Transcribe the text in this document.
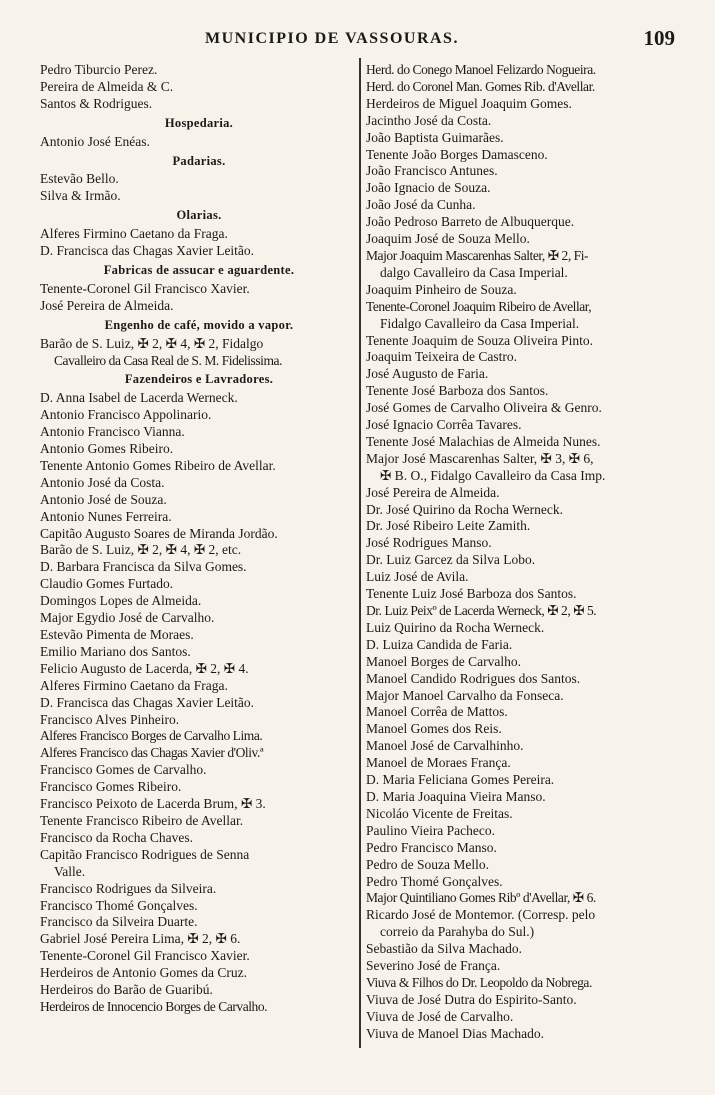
MUNICIPIO DE VASSOURAS.	109
Pedro Tiburcio Perez.
Pereira de Almeida & C.
Santos & Rodrigues.
Hospedaria.
Antonio José Enéas.
Padarias.
Estevão Bello.
Silva & Irmão.
Olarias.
Alferes Firmino Caetano da Fraga.
D. Francisca das Chagas Xavier Leitão.
Fabricas de assucar e aguardente.
Tenente-Coronel Gil Francisco Xavier.
José Pereira de Almeida.
Engenho de café, movido a vapor.
Barão de S. Luiz, ✠ 2, ✠ 4, ✠ 2, Fidalgo
Cavalleiro da Casa Real de S. M. Fidelissima.
Fazendeiros e Lavradores.
D. Anna Isabel de Lacerda Werneck.
Antonio Francisco Appolinario.
Antonio Francisco Vianna.
Antonio Gomes Ribeiro.
Tenente Antonio Gomes Ribeiro de Avellar.
Antonio José da Costa.
Antonio José de Souza.
Antonio Nunes Ferreira.
Capitão Augusto Soares de Miranda Jordão.
Barão de S. Luiz, ✠ 2, ✠ 4, ✠ 2, etc.
D. Barbara Francisca da Silva Gomes.
Claudio Gomes Furtado.
Domingos Lopes de Almeida.
Major Egydio José de Carvalho.
Estevão Pimenta de Moraes.
Emilio Mariano dos Santos.
Felicio Augusto de Lacerda, ✠ 2, ✠ 4.
Alferes Firmino Caetano da Fraga.
D. Francisca das Chagas Xavier Leitão.
Francisco Alves Pinheiro.
Alferes Francisco Borges de Carvalho Lima.
Alferes Francisco das Chagas Xavier d'Oliv.ª
Francisco Gomes de Carvalho.
Francisco Gomes Ribeiro.
Francisco Peixoto de Lacerda Brum, ✠ 3.
Tenente Francisco Ribeiro de Avellar.
Francisco da Rocha Chaves.
Capitão Francisco Rodrigues de Senna
Valle.
Francisco Rodrigues da Silveira.
Francisco Thomé Gonçalves.
Francisco da Silveira Duarte.
Gabriel José Pereira Lima, ✠ 2, ✠ 6.
Tenente-Coronel Gil Francisco Xavier.
Herdeiros de Antonio Gomes da Cruz.
Herdeiros do Barão de Guaribú.
Herdeiros de Innocencio Borges de Carvalho.
Herd. do Conego Manoel Felizardo Nogueira.
Herd. do Coronel Man. Gomes Rib. d'Avellar.
Herdeiros de Miguel Joaquim Gomes.
Jacintho José da Costa.
João Baptista Guimarães.
Tenente João Borges Damasceno.
João Francisco Antunes.
João Ignacio de Souza.
João José da Cunha.
João Pedroso Barreto de Albuquerque.
Joaquim José de Souza Mello.
Major Joaquim Mascarenhas Salter, ✠ 2, Fi-
dalgo Cavalleiro da Casa Imperial.
Joaquim Pinheiro de Souza.
Tenente-Coronel Joaquim Ribeiro de Avellar,
Fidalgo Cavalleiro da Casa Imperial.
Tenente Joaquim de Souza Oliveira Pinto.
Joaquim Teixeira de Castro.
José Augusto de Faria.
Tenente José Barboza dos Santos.
José Gomes de Carvalho Oliveira & Genro.
José Ignacio Corrêa Tavares.
Tenente José Malachias de Almeida Nunes.
Major José Mascarenhas Salter, ✠ 3, ✠ 6,
✠ B. O., Fidalgo Cavalleiro da Casa Imp.
José Pereira de Almeida.
Dr. José Quirino da Rocha Werneck.
Dr. José Ribeiro Leite Zamith.
José Rodrigues Manso.
Dr. Luiz Garcez da Silva Lobo.
Luiz José de Avila.
Tenente Luiz José Barboza dos Santos.
Dr. Luiz Peixº de Lacerda Werneck, ✠ 2, ✠ 5.
Luiz Quirino da Rocha Werneck.
D. Luiza Candida de Faria.
Manoel Borges de Carvalho.
Manoel Candido Rodrigues dos Santos.
Major Manoel Carvalho da Fonseca.
Manoel Corrêa de Mattos.
Manoel Gomes dos Reis.
Manoel José de Carvalhinho.
Manoel de Moraes França.
D. Maria Feliciana Gomes Pereira.
D. Maria Joaquina Vieira Manso.
Nicoláo Vicente de Freitas.
Paulino Vieira Pacheco.
Pedro Francisco Manso.
Pedro de Souza Mello.
Pedro Thomé Gonçalves.
Major Quintiliano Gomes Ribº d'Avellar, ✠ 6.
Ricardo José de Montemor. (Corresp. pelo
correio da Parahyba do Sul.)
Sebastião da Silva Machado.
Severino José de França.
Viuva & Filhos do Dr. Leopoldo da Nobrega.
Viuva de José Dutra do Espirito-Santo.
Viuva de José de Carvalho.
Viuva de Manoel Dias Machado.
